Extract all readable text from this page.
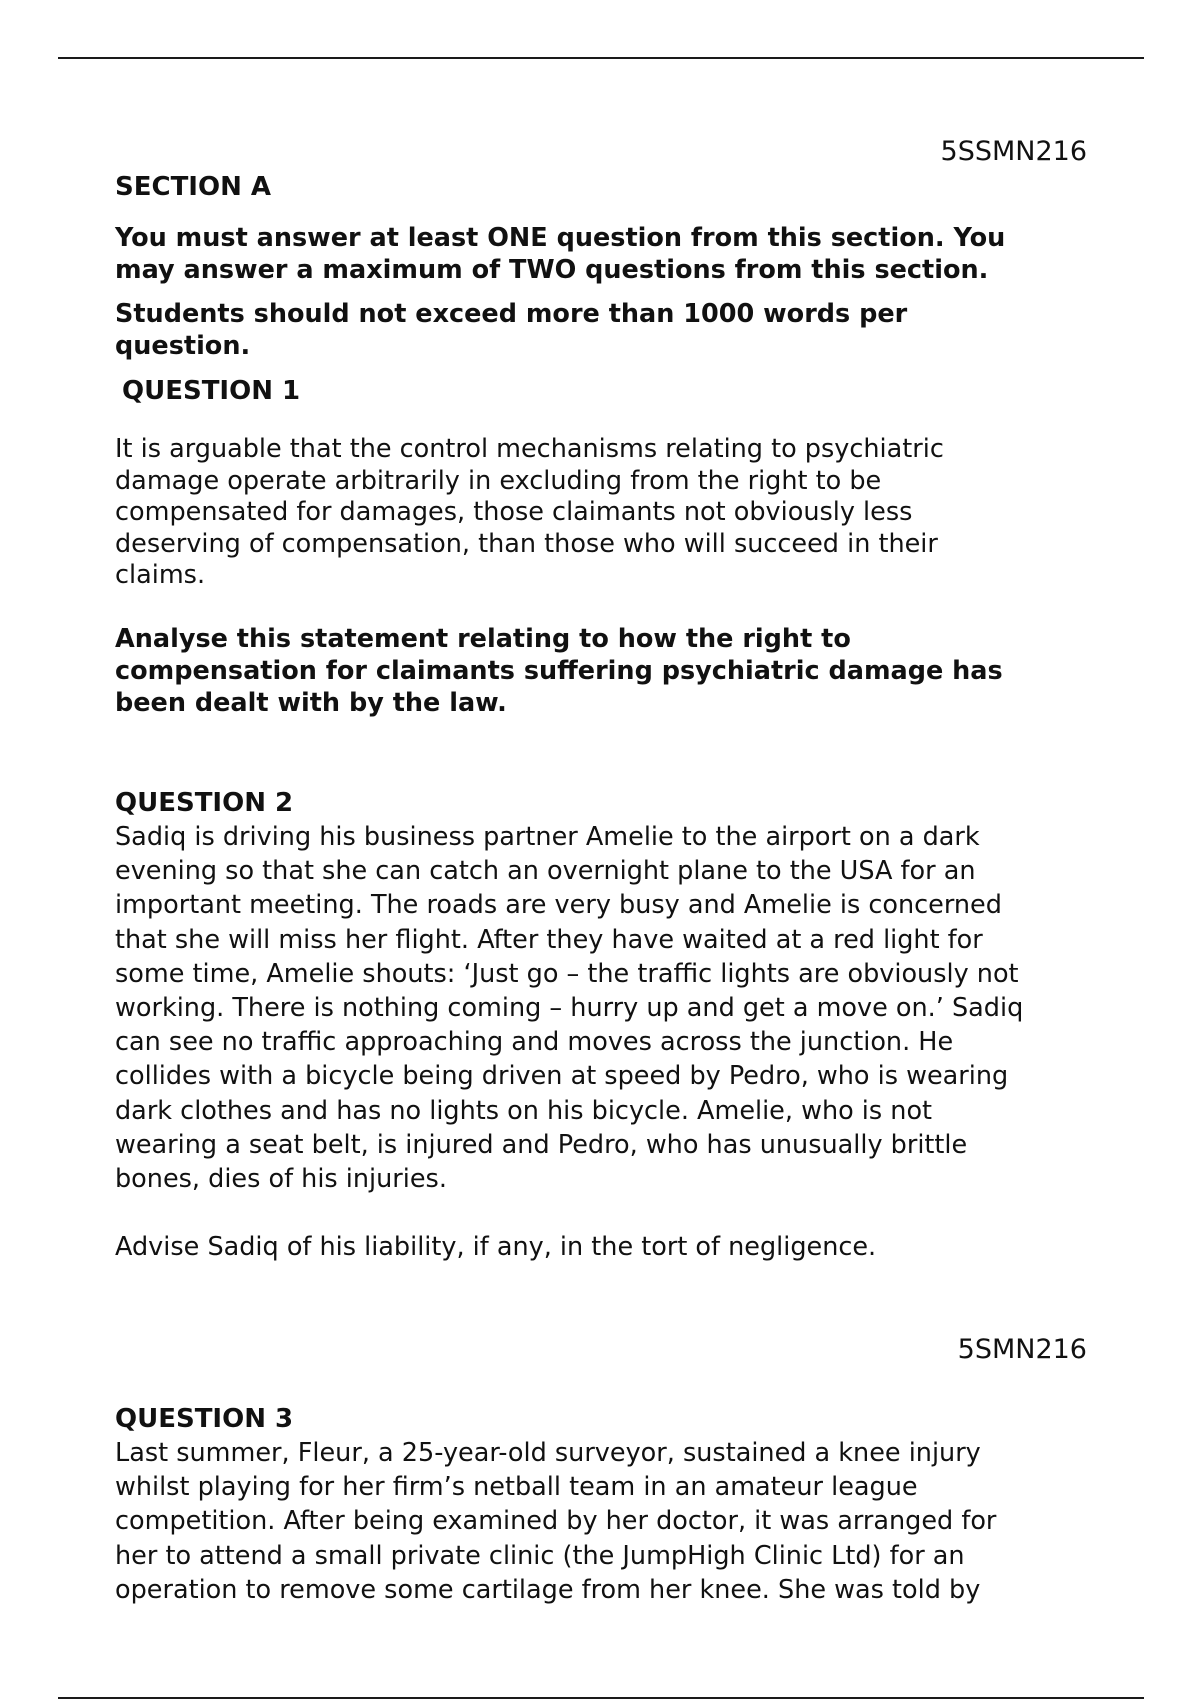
5SSMN216

SECTION A

You must answer at least ONE question from this section. You
may answer a maximum of TWO questions from this section.

Students should not exceed more than 1000 words per
question.

QUESTION 1

It is arguable that the control mechanisms relating to psychiatric
damage operate arbitrarily in excluding from the right to be
compensated for damages, those claimants not obviously less
deserving of compensation, than those who will succeed in their
claims.

Analyse this statement relating to how the right to
compensation for claimants suffering psychiatric damage has
been dealt with by the law.

QUESTION 2

Sadiq is driving his business partner Amelie to the airport on a dark
evening so that she can catch an overnight plane to the USA for an
important meeting. The roads are very busy and Amelie is concerned
that she will miss her flight. After they have waited at a red light for
some time, Amelie shouts: ‘Just go – the traffic lights are obviously not
working. There is nothing coming – hurry up and get a move on.’ Sadiq
can see no traffic approaching and moves across the junction. He
collides with a bicycle being driven at speed by Pedro, who is wearing
dark clothes and has no lights on his bicycle. Amelie, who is not
wearing a seat belt, is injured and Pedro, who has unusually brittle
bones, dies of his injuries.

Advise Sadiq of his liability, if any, in the tort of negligence.

5SMN216

QUESTION 3

Last summer, Fleur, a 25-year-old surveyor, sustained a knee injury
whilst playing for her firm’s netball team in an amateur league
competition. After being examined by her doctor, it was arranged for
her to attend a small private clinic (the JumpHigh Clinic Ltd) for an
operation to remove some cartilage from her knee. She was told by
